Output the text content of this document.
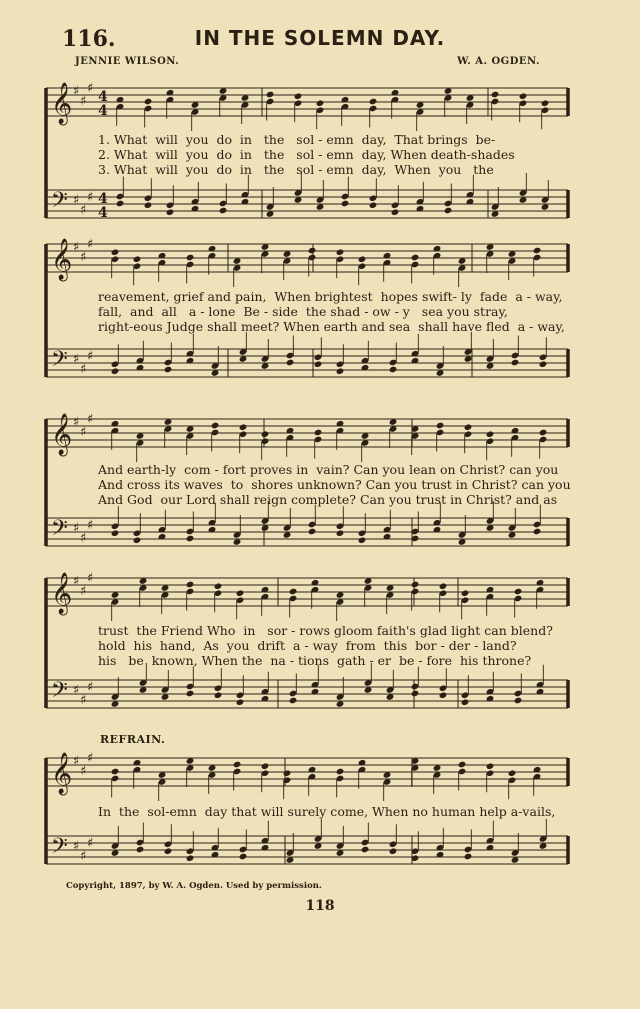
116.	IN THE SOLEMN DAY.
JENNIE WILSON.	W. A. OGDEN.
𝄞 ♯
♯
♯
𝄢 ♯
♯
♯
4
4
4
4
𝄞 ♯
♯
♯
𝄢 ♯
♯
♯
𝄞 ♯
♯
♯
𝄢 ♯
♯
♯
𝄞 ♯
♯
♯
𝄢 ♯
♯
♯
𝄞 ♯
♯
♯
𝄢 ♯
♯
♯
1. What  will  you  do  in   the   sol - emn  day,  That brings  be-
2. What  will  you  do  in   the   sol - emn  day, When death-shades
3. What  will  you  do  in   the   sol - emn  day,  When  you   the
reavement, grief and pain,  When brightest  hopes swift- ly  fade  a - way,
fall,  and  all   a - lone  Be - side  the shad - ow - y   sea you stray,
right-eous Judge shall meet? When earth and sea  shall have fled  a - way,
And earth-ly  com - fort proves in  vain? Can you lean on Christ? can you
And cross its waves  to  shores unknown? Can you trust in Christ? can you
And God  our Lord shall reign complete? Can you trust in Christ? and as
trust  the Friend Who  in   sor - rows gloom faith's glad light can blend?
hold  his  hand,  As  you  drift  a - way  from  this  bor - der - land?
his   be  known, When the  na - tions  gath - er  be - fore  his throne?
In  the  sol-emn  day that will surely come, When no human help a-vails,
REFRAIN.
Copyright, 1897, by W. A. Ogden. Used by permission.
118
